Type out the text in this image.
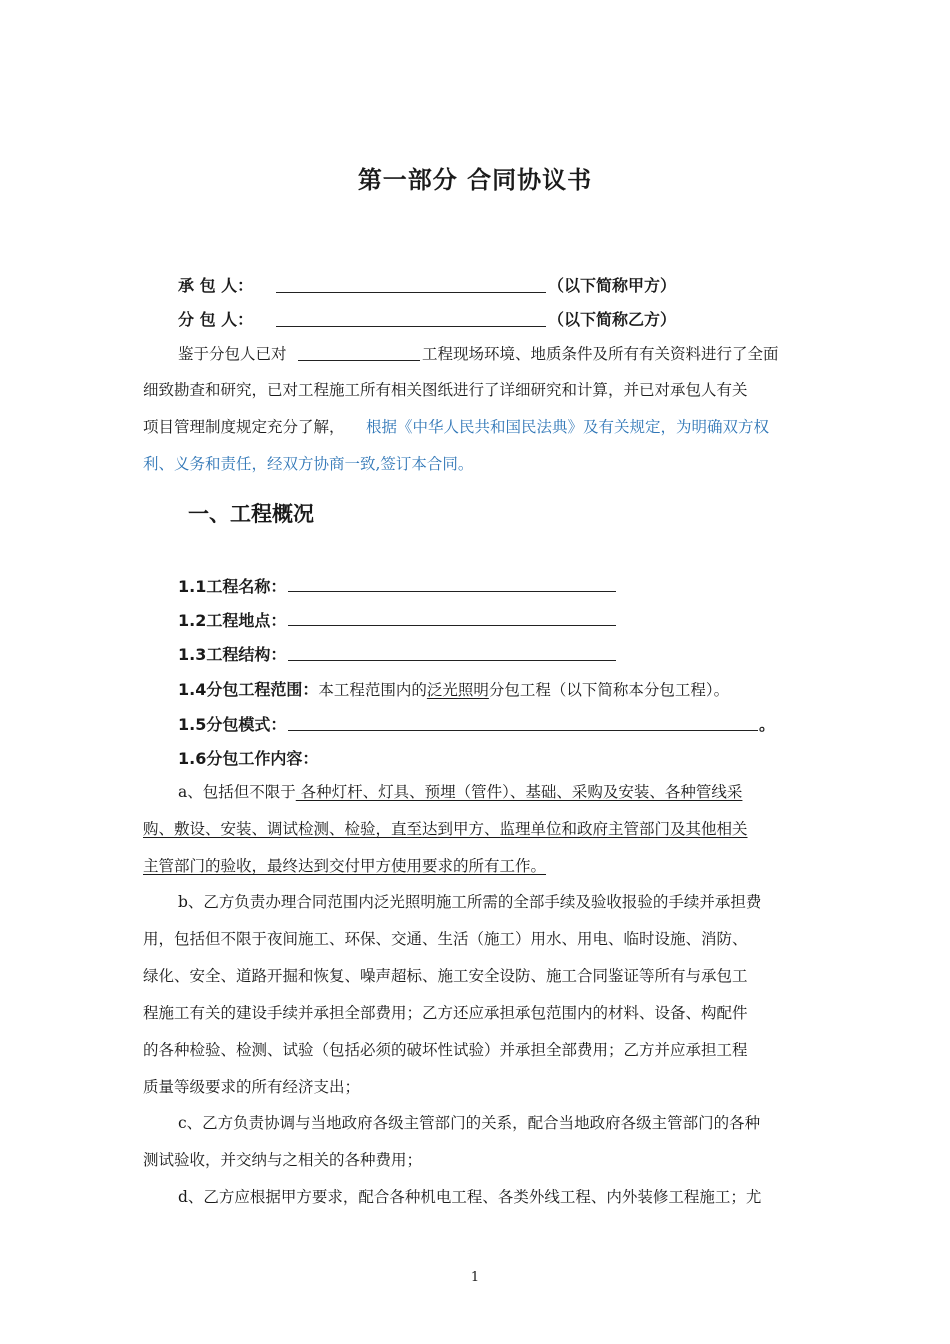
第一部分 合同协议书
承 包 人：	（以下简称甲方）
分 包 人：	（以下简称乙方）
鉴于分包人已对	工程现场环境、地质条件及所有有关资料进行了全面
细致勘查和研究，已对工程施工所有相关图纸进行了详细研究和计算，并已对承包人有关
项目管理制度规定充分了解， 根据《中华人民共和国民法典》及有关规定，为明确双方权
利、义务和责任，经双方协商一致,签订本合同。
一、工程概况
1.1工程名称：
1.2工程地点：
1.3工程结构：
1.4分包工程范围：本工程范围内的泛光照明分包工程（以下简称本分包工程）。
1.5分包模式：	。
1.6分包工作内容：
a、包括但不限于 各种灯杆、灯具、预埋（管件）、基础、采购及安装、各种管线采
购、敷设、安装、调试检测、检验，直至达到甲方、监理单位和政府主管部门及其他相关
主管部门的验收，最终达到交付甲方使用要求的所有工作。
b、乙方负责办理合同范围内泛光照明施工所需的全部手续及验收报验的手续并承担费
用，包括但不限于夜间施工、环保、交通、生活（施工）用水、用电、临时设施、消防、
绿化、安全、道路开掘和恢复、噪声超标、施工安全设防、施工合同鉴证等所有与承包工
程施工有关的建设手续并承担全部费用；乙方还应承担承包范围内的材料、设备、构配件
的各种检验、检测、试验（包括必须的破坏性试验）并承担全部费用；乙方并应承担工程
质量等级要求的所有经济支出；
c、乙方负责协调与当地政府各级主管部门的关系，配合当地政府各级主管部门的各种
测试验收，并交纳与之相关的各种费用；
d、乙方应根据甲方要求，配合各种机电工程、各类外线工程、内外装修工程施工；尤
1
